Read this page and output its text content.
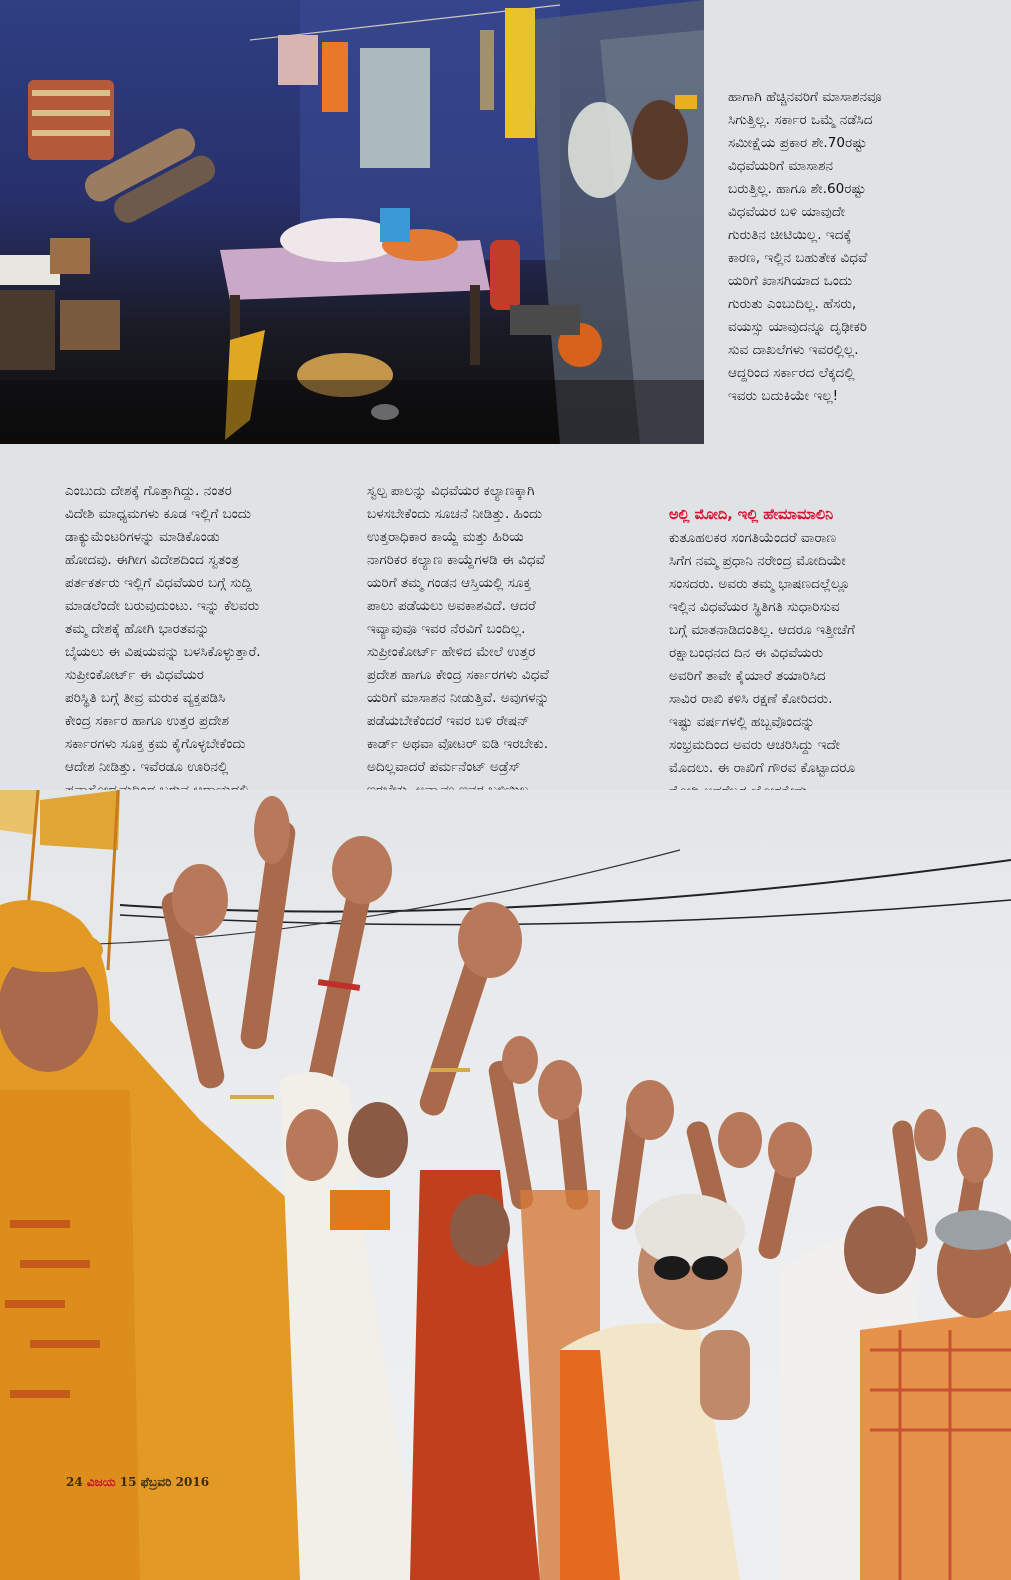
ಹಾಗಾಗಿ ಹೆಚ್ಚಿನವರಿಗೆ ಮಾಸಾಶನವೂ
ಸಿಗುತ್ತಿಲ್ಲ. ಸರ್ಕಾರ ಒಮ್ಮೆ ನಡೆಸಿದ
ಸಮೀಕ್ಷೆಯ ಪ್ರಕಾರ ಶೇ.70ರಷ್ಟು
ವಿಧವೆಯರಿಗೆ ಮಾಸಾಶನ
ಬರುತ್ತಿಲ್ಲ. ಹಾಗೂ ಶೇ.60ರಷ್ಟು
ವಿಧವೆಯರ ಬಳಿ ಯಾವುದೇ
ಗುರುತಿನ ಚೀಟಿಯಿಲ್ಲ. ಇದಕ್ಕೆ
ಕಾರಣ, ಇಲ್ಲಿನ ಬಹುತೇಕ ವಿಧವೆ
ಯರಿಗೆ ಖಾಸಗಿಯಾದ ಒಂದು
ಗುರುತು ಎಂಬುದಿಲ್ಲ. ಹೆಸರು,
ವಯಸ್ಸು ಯಾವುದನ್ನೂ ದೃಢೀಕರಿ
ಸುವ ದಾಖಲೆಗಳು ಇವರಲ್ಲಿಲ್ಲ.
ಆದ್ದರಿಂದ ಸರ್ಕಾರದ ಲೆಕ್ಕದಲ್ಲಿ
ಇವರು ಬದುಕಿಯೇ ಇಲ್ಲ!
ಎಂಬುದು ದೇಶಕ್ಕೆ ಗೊತ್ತಾಗಿದ್ದು. ನಂತರ
ವಿದೇಶಿ ಮಾಧ್ಯಮಗಳು ಕೂಡ ಇಲ್ಲಿಗೆ ಬಂದು
ಡಾಕ್ಯುಮೆಂಟರಿಗಳನ್ನು ಮಾಡಿಕೊಂಡು
ಹೋದವು. ಈಗೀಗ ವಿದೇಶದಿಂದ ಸ್ವತಂತ್ರ
ಪರ್ತಕರ್ತರು ಇಲ್ಲಿಗೆ ವಿಧವೆಯರ ಬಗ್ಗೆ ಸುದ್ದಿ
ಮಾಡಲೆಂದೇ ಬರುವುದುಂಟು. ಇನ್ನು ಕೆಲವರು
ತಮ್ಮ ದೇಶಕ್ಕೆ ಹೋಗಿ ಭಾರತವನ್ನು
ಬೈಯಲು ಈ ವಿಷಯವನ್ನು ಬಳಸಿಕೊಳ್ಳುತ್ತಾರೆ.
ಸುಪ್ರೀಂಕೋರ್ಟ್ ಈ ವಿಧವೆಯರ
ಪರಿಸ್ಥಿತಿ ಬಗ್ಗೆ ತೀವ್ರ ಮರುಕ ವ್ಯಕ್ತಪಡಿಸಿ
ಕೇಂದ್ರ ಸರ್ಕಾರ ಹಾಗೂ ಉತ್ತರ ಪ್ರದೇಶ
ಸರ್ಕಾರಗಳು ಸೂಕ್ತ ಕ್ರಮ ಕೈಗೊಳ್ಳಬೇಕೆಂದು
ಆದೇಶ ನೀಡಿತ್ತು. ಇವೆರಡೂ ಊರಿನಲ್ಲಿ

ಸ್ವಲ್ಪ ಪಾಲನ್ನು ವಿಧವೆಯರ ಕಲ್ಯಾಣಕ್ಕಾಗಿ
ಬಳಸಬೇಕೆಂದು ಸೂಚನೆ ನೀಡಿತ್ತು. ಹಿಂದು
ಉತ್ತರಾಧಿಕಾರ ಕಾಯ್ದೆ ಮತ್ತು ಹಿರಿಯ
ನಾಗರಿಕರ ಕಲ್ಯಾಣ ಕಾಯ್ದೆಗಳಡಿ ಈ ವಿಧವೆ
ಯರಿಗೆ ತಮ್ಮ ಗಂಡನ ಆಸ್ತಿಯಲ್ಲಿ ಸೂಕ್ತ
ಪಾಲು ಪಡೆಯಲು ಅವಕಾಶವಿದೆ. ಆದರೆ
ಇವ್ಯಾವುವೂ ಇವರ ನೆರವಿಗೆ ಬಂದಿಲ್ಲ.
ಸುಪ್ರೀಂಕೋರ್ಟ್ ಹೇಳಿದ ಮೇಲೆ ಉತ್ತರ
ಪ್ರದೇಶ ಹಾಗೂ ಕೇಂದ್ರ ಸರ್ಕಾರಗಳು ವಿಧವೆ
ಯರಿಗೆ ಮಾಸಾಶನ ನೀಡುತ್ತಿವೆ. ಅವುಗಳನ್ನು
ಪಡೆಯಬೇಕೆಂದರೆ ಇವರ ಬಳಿ ರೇಷನ್
ಕಾರ್ಡ್ ಅಥವಾ ವೋಟರ್ ಐಡಿ ಇರಬೇಕು.
ಅದಿಲ್ಲವಾದರೆ ಪರ್ಮನೆಂಟ್ ಅಡ್ರೆಸ್

ಅಲ್ಲಿ ಮೋದಿ, ಇಲ್ಲಿ ಹೇಮಾಮಾಲಿನಿ
ಕುತೂಹಲಕರ ಸಂಗತಿಯೆಂದರೆ ವಾರಾಣ
ಸಿಗೆಗ ನಮ್ಮ ಪ್ರಧಾನಿ ನರೇಂದ್ರ ಮೋದಿಯೇ
ಸಂಸದರು. ಅವರು ತಮ್ಮ ಭಾಷಣದಲ್ಲೆಲ್ಲೂ
ಇಲ್ಲಿನ ವಿಧವೆಯರ ಸ್ಥಿತಿಗತಿ ಸುಧಾರಿಸುವ
ಬಗ್ಗೆ ಮಾತನಾಡಿದಂತಿಲ್ಲ. ಆದರೂ ಇತ್ತೀಚೆಗೆ
ರಕ್ಷಾಬಂಧನದ ದಿನ ಈ ವಿಧವೆಯರು
ಅವರಿಗೆ ತಾವೇ ಕೈಯಾರೆ ತಯಾರಿಸಿದ
ಸಾವಿರ ರಾಖಿ ಕಳಿಸಿ ರಕ್ಷಣೆ ಕೋರಿದರು.
ಇಷ್ಟು ವರ್ಷಗಳಲ್ಲಿ ಹಬ್ಬವೊಂದನ್ನು
ಸಂಭ್ರಮದಿಂದ ಅವರು ಆಚರಿಸಿದ್ದು ಇದೇ
ಮೊದಲು. ಈ ರಾಖಿಗೆ ಗೌರವ ಕೊಟ್ಟಾದರೂ

24 ವಿಜಯ 15 ಫೆಬ್ರವರಿ 2016
